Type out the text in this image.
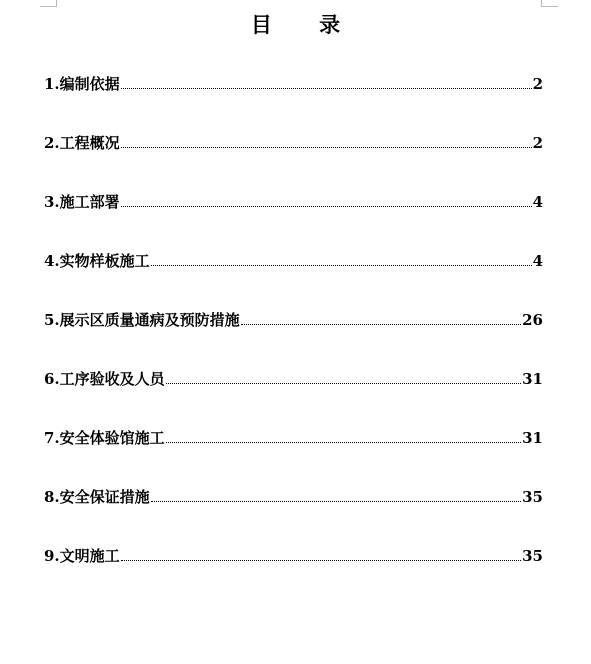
目 录
1. 编制依据	2
2. 工程概况	2
3. 施工部署	4
4. 实物样板施工	4
5. 展示区质量通病及预防措施	26
6. 工序验收及人员	31
7. 安全体验馆施工	31
8. 安全保证措施	35
9. 文明施工	35
